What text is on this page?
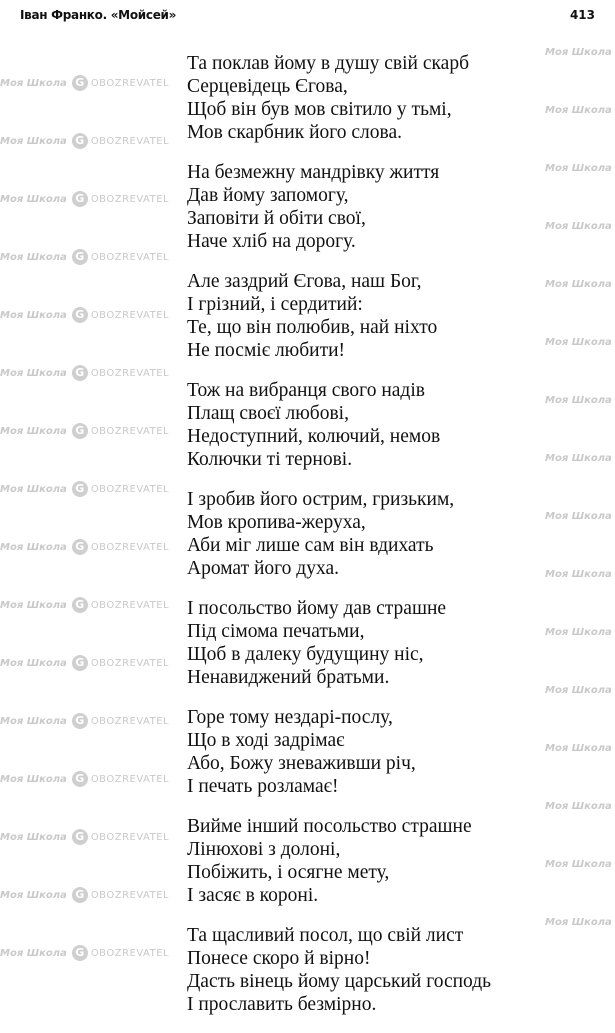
Моя Школа G OBOZREVATEL
Моя Школа
Моя Школа G OBOZREVATEL
Моя Школа
Моя Школа G OBOZREVATEL
Моя Школа
Моя Школа G OBOZREVATEL
Моя Школа
Моя Школа G OBOZREVATEL
Моя Школа
Моя Школа G OBOZREVATEL
Моя Школа
Моя Школа G OBOZREVATEL
Моя Школа
Моя Школа G OBOZREVATEL
Моя Школа
Моя Школа G OBOZREVATEL
Моя Школа
Моя Школа G OBOZREVATEL
Моя Школа
Моя Школа G OBOZREVATEL
Моя Школа
Моя Школа G OBOZREVATEL
Моя Школа
Моя Школа G OBOZREVATEL
Моя Школа
Моя Школа G OBOZREVATEL
Моя Школа
Моя Школа G OBOZREVATEL
Моя Школа
Моя Школа G OBOZREVATEL
Моя Школа
Іван Франко. «Мойсей»	413
Та поклав йому в душу свій скарб
Серцевідець Єгова,
Щоб він був мов світило у тьмі,
Мов скарбник його слова.
На безмежну мандрівку життя
Дав йому запомогу,
Заповіти й обіти свої,
Наче хліб на дорогу.
Але заздрий Єгова, наш Бог,
І грізний, і сердитий:
Те, що він полюбив, най ніхто
Не посміє любити!
Тож на вибранця свого надів
Плащ своєї любові,
Недоступний, колючий, немов
Колючки ті тернові.
І зробив його острим, гризьким,
Мов кропива-жеруха,
Аби міг лише сам він вдихать
Аромат його духа.
І посольство йому дав страшне
Під сімома печатьми,
Щоб в далеку будущину ніс,
Ненавиджений братьми.
Горе тому нездарі-послу,
Що в ході задрімає
Або, Божу зневаживши річ,
І печать розламає!
Вийме інший посольство страшне
Лінюхові з долоні,
Побіжить, і осягне мету,
І засяє в короні.
Та щасливий посол, що свій лист
Понесе скоро й вірно!
Дасть вінець йому царський господь
І прославить безмірно.
